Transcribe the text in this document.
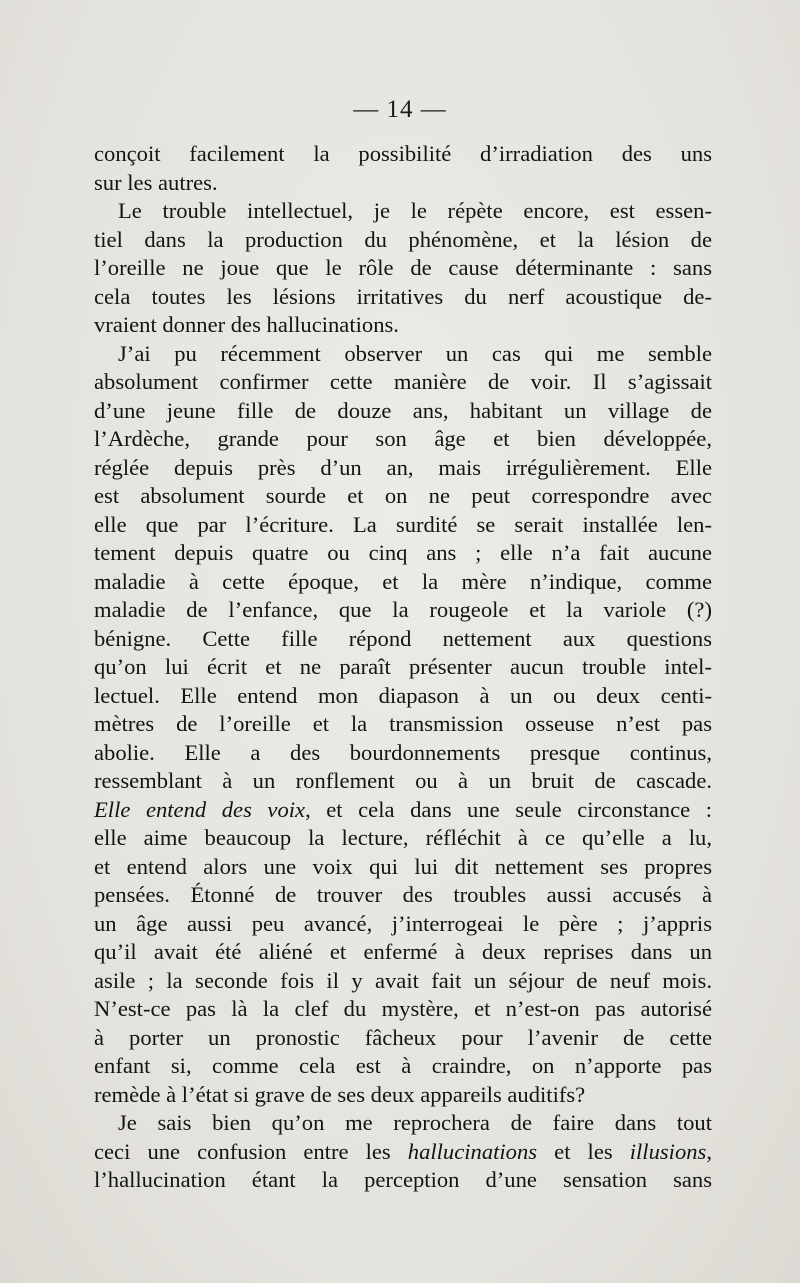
— 14 —
conçoit facilement la possibilité d’irradiation des uns
sur les autres.
Le trouble intellectuel, je le répète encore, est essen-
tiel dans la production du phénomène, et la lésion de
l’oreille ne joue que le rôle de cause déterminante : sans
cela toutes les lésions irritatives du nerf acoustique de-
vraient donner des hallucinations.
J’ai pu récemment observer un cas qui me semble
absolument confirmer cette manière de voir. Il s’agissait
d’une jeune fille de douze ans, habitant un village de
l’Ardèche, grande pour son âge et bien développée,
réglée depuis près d’un an, mais irrégulièrement. Elle
est absolument sourde et on ne peut correspondre avec
elle que par l’écriture. La surdité se serait installée len-
tement depuis quatre ou cinq ans ; elle n’a fait aucune
maladie à cette époque, et la mère n’indique, comme
maladie de l’enfance, que la rougeole et la variole (?)
bénigne. Cette fille répond nettement aux questions
qu’on lui écrit et ne paraît présenter aucun trouble intel-
lectuel. Elle entend mon diapason à un ou deux centi-
mètres de l’oreille et la transmission osseuse n’est pas
abolie. Elle a des bourdonnements presque continus,
ressemblant à un ronflement ou à un bruit de cascade.
Elle entend des voix, et cela dans une seule circonstance :
elle aime beaucoup la lecture, réfléchit à ce qu’elle a lu,
et entend alors une voix qui lui dit nettement ses propres
pensées. Étonné de trouver des troubles aussi accusés à
un âge aussi peu avancé, j’interrogeai le père ; j’appris
qu’il avait été aliéné et enfermé à deux reprises dans un
asile ; la seconde fois il y avait fait un séjour de neuf mois.
N’est-ce pas là la clef du mystère, et n’est-on pas autorisé
à porter un pronostic fâcheux pour l’avenir de cette
enfant si, comme cela est à craindre, on n’apporte pas
remède à l’état si grave de ses deux appareils auditifs?
Je sais bien qu’on me reprochera de faire dans tout
ceci une confusion entre les hallucinations et les illusions,
l’hallucination étant la perception d’une sensation sans
